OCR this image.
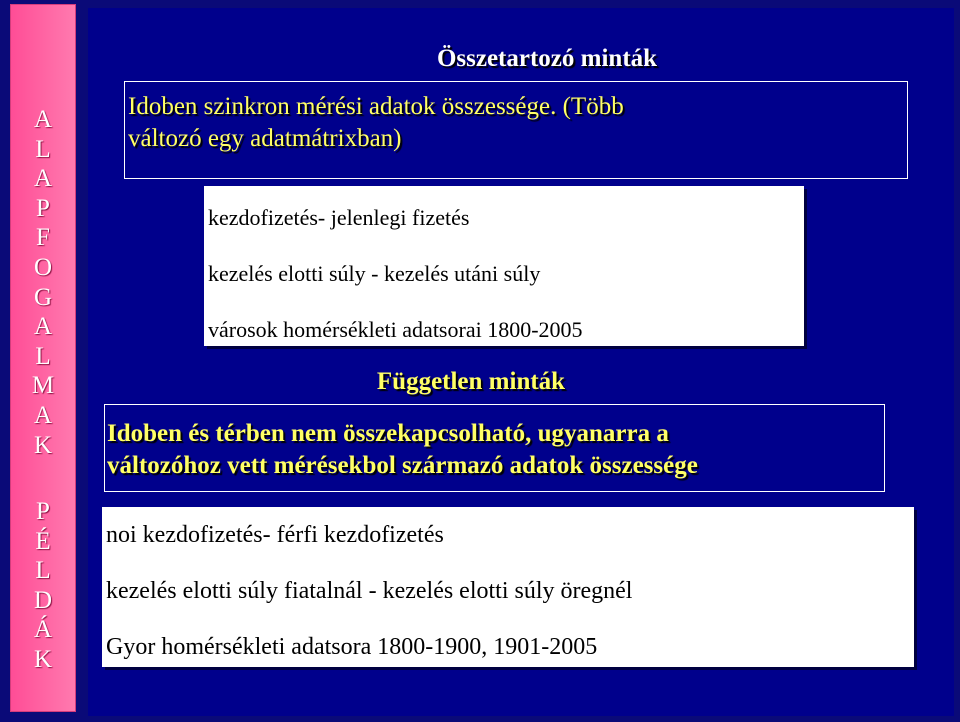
A
L
A
P
F
O
G
A
L
M
A
K
P
É
L
D
Á
K
Összetartozó minták
Idoben szinkron mérési adatok összessége. (Több
változó egy adatmátrixban)
kezdofizetés- jelenlegi fizetés
kezelés elotti súly - kezelés utáni súly
városok homérsékleti adatsorai 1800-2005
Független minták
Idoben és térben nem összekapcsolható, ugyanarra a
változóhoz vett mérésekbol származó adatok összessége
noi kezdofizetés- férfi kezdofizetés
kezelés elotti súly fiatalnál - kezelés elotti súly öregnél
Gyor homérsékleti adatsora 1800-1900, 1901-2005
